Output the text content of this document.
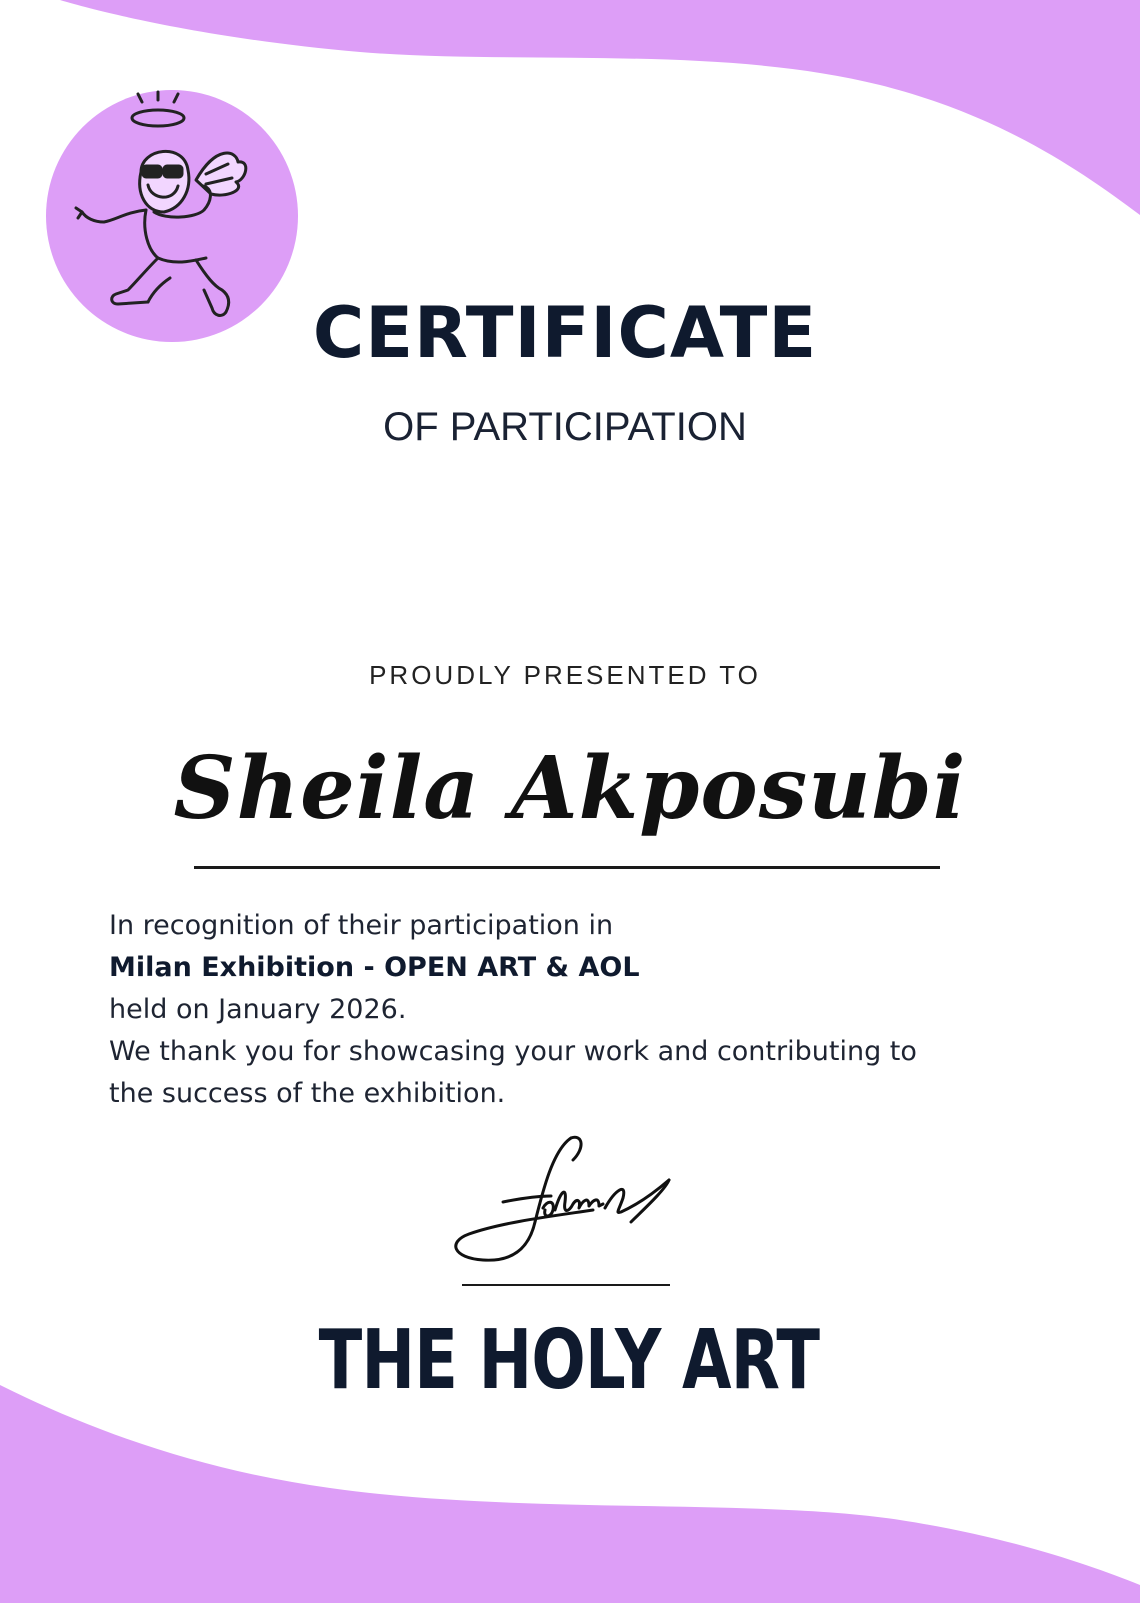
CERTIFICATE
OF PARTICIPATION
PROUDLY PRESENTED TO
Sheila Akposubi
In recognition of their participation in
Milan Exhibition - OPEN ART & AOL
held on January 2026.
We thank you for showcasing your work and contributing to
the success of the exhibition.
THE HOLY ART
